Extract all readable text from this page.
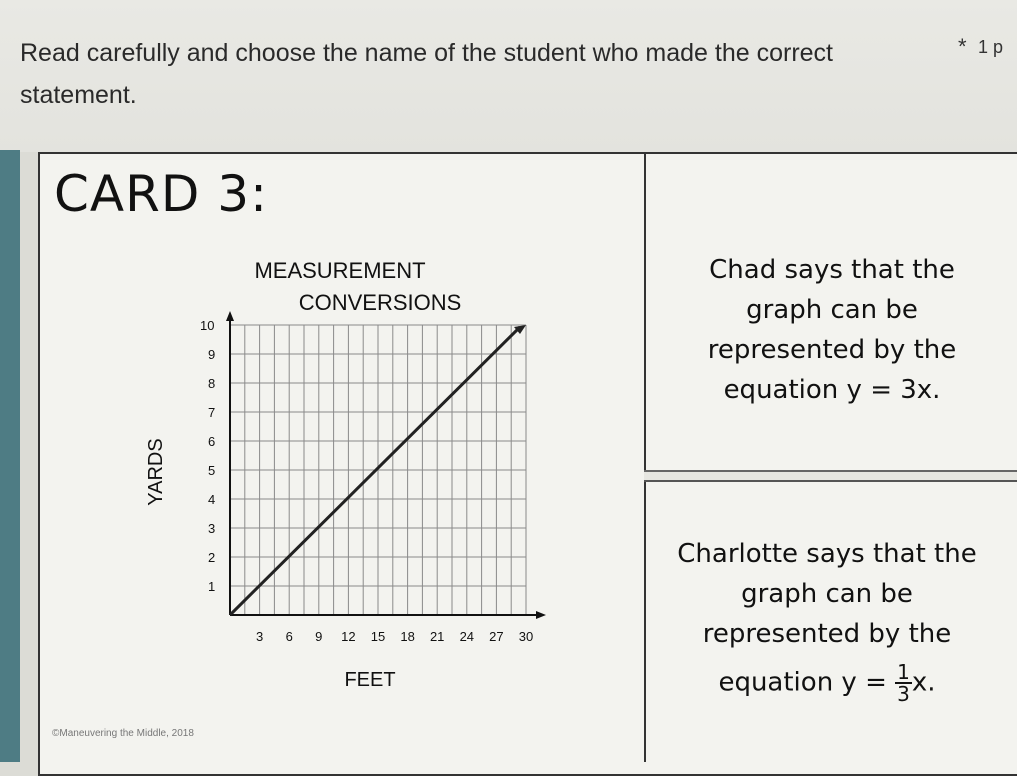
Read carefully and choose the name of the student who made the correct statement.
* 1 p
CARD 3:
Chad says that the
graph can be
represented by the
equation y = 3x.
Charlotte says that the
graph can be
represented by the
equation $y = \frac{1}{3} x$.
MEASUREMENT
CONVERSIONS
3 6 9 12 15 18 21 24 27 30
1
2
3
4
5
6
7
8
9
10
FEET
YARDS
©Maneuvering the Middle, 2018
